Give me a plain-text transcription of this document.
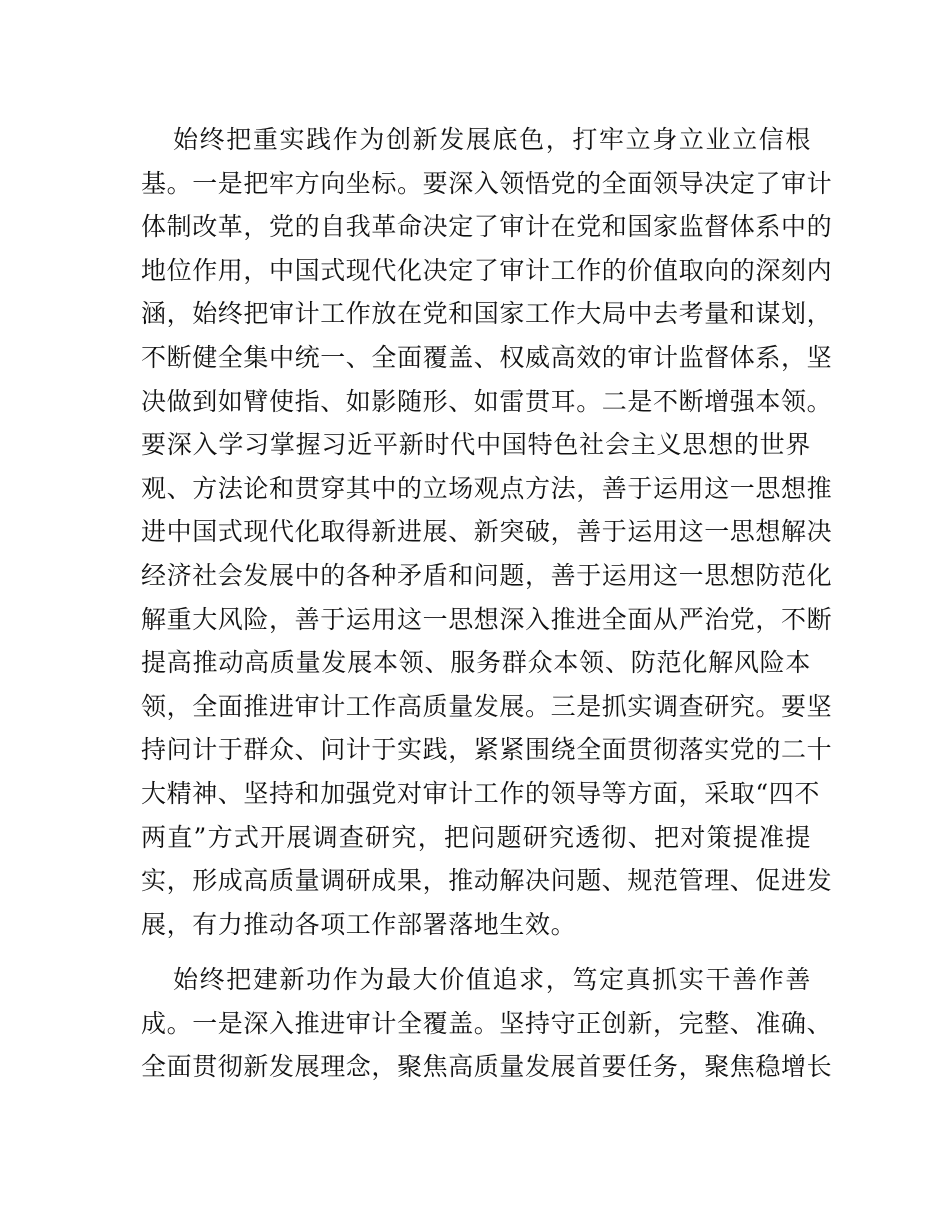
始终把重实践作为创新发展底色，打牢立身立业立信根
基。一是把牢方向坐标。要深入领悟党的全面领导决定了审计
体制改革，党的自我革命决定了审计在党和国家监督体系中的
地位作用，中国式现代化决定了审计工作的价值取向的深刻内
涵，始终把审计工作放在党和国家工作大局中去考量和谋划，
不断健全集中统一、全面覆盖、权威高效的审计监督体系，坚
决做到如臂使指、如影随形、如雷贯耳。二是不断增强本领。
要深入学习掌握习近平新时代中国特色社会主义思想的世界
观、方法论和贯穿其中的立场观点方法，善于运用这一思想推
进中国式现代化取得新进展、新突破，善于运用这一思想解决
经济社会发展中的各种矛盾和问题，善于运用这一思想防范化
解重大风险，善于运用这一思想深入推进全面从严治党，不断
提高推动高质量发展本领、服务群众本领、防范化解风险本
领，全面推进审计工作高质量发展。三是抓实调查研究。要坚
持问计于群众、问计于实践，紧紧围绕全面贯彻落实党的二十
大精神、坚持和加强党对审计工作的领导等方面，采取“四不
两直”方式开展调查研究，把问题研究透彻、把对策提准提
实，形成高质量调研成果，推动解决问题、规范管理、促进发
展，有力推动各项工作部署落地生效。
始终把建新功作为最大价值追求，笃定真抓实干善作善
成。一是深入推进审计全覆盖。坚持守正创新，完整、准确、
全面贯彻新发展理念，聚焦高质量发展首要任务，聚焦稳增长
